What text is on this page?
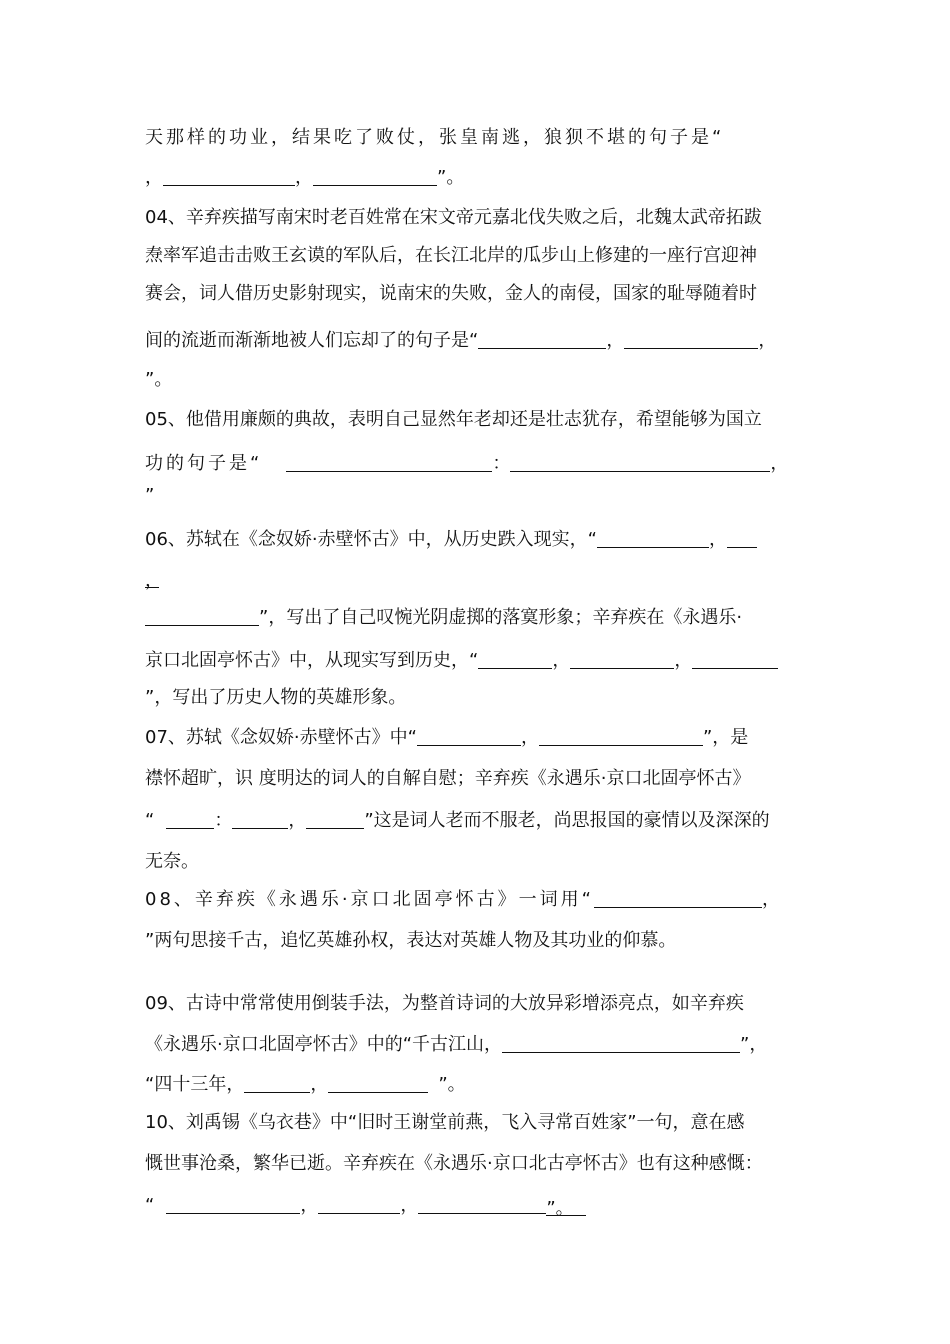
天那样的功业，结果吃了败仗，张皇南逃，狼狈不堪的句子是“
，	，	”。
04、辛弃疾描写南宋时老百姓常在宋文帝元嘉北伐失败之后，北魏太武帝拓跋
焘率军追击击败王玄谟的军队后，在长江北岸的瓜步山上修建的一座行宫迎神
赛会，词人借历史影射现实，说南宋的失败，金人的南侵，国家的耻辱随着时
间的流逝而渐渐地被人们忘却了的句子是“	，	，
”。
05、他借用廉颇的典故，表明自己显然年老却还是壮志犹存，希望能够为国立
功的句子是“	：	，
”
06、苏轼在《念奴娇·赤壁怀古》中，从历史跌入现实，“	，
，
”，写出了自己叹惋光阴虚掷的落寞形象；辛弃疾在《永遇乐·
京口北固亭怀古》中，从现实写到历史，“	，	，
”，写出了历史人物的英雄形象。
07、苏轼《念奴娇·赤壁怀古》中“	，	”，是
襟怀超旷，识 度明达的词人的自解自慰；辛弃疾《永遇乐·京口北固亭怀古》
“	：	，	”这是词人老而不服老，尚思报国的豪情以及深深的
无奈。
08、辛弃疾《永遇乐·京口北固亭怀古》一词用“	，
”两句思接千古，追忆英雄孙权，表达对英雄人物及其功业的仰慕。
09、古诗中常常使用倒装手法，为整首诗词的大放异彩增添亮点，如辛弃疾
《永遇乐·京口北固亭怀古》中的“千古江山，	”，
“四十三年，	，	”。
10、刘禹锡《乌衣巷》中“旧时王谢堂前燕，飞入寻常百姓家”一句，意在感
慨世事沧桑，繁华已逝。辛弃疾在《永遇乐·京口北古亭怀古》也有这种感慨：
“	，	，	”。
